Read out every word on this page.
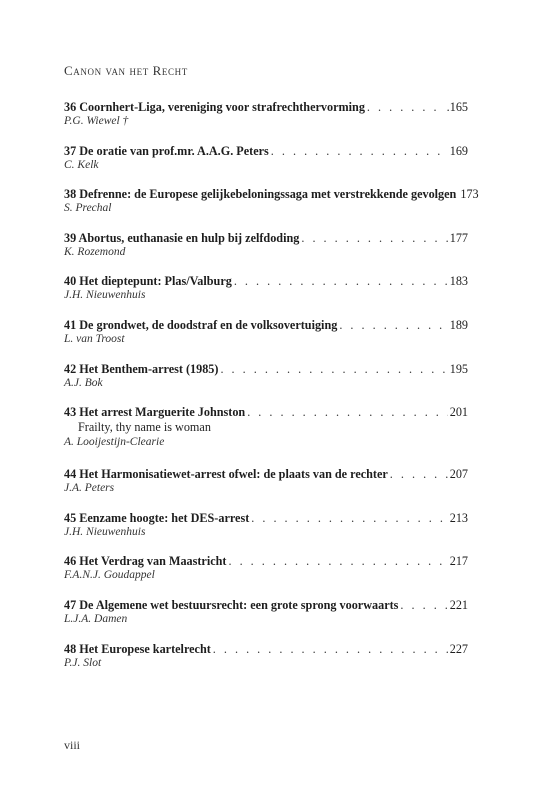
Canon van het Recht
36 Coornhert-Liga, vereniging voor strafrechthervorming . . .	.165
P.G. Wiewel †
37 De oratie van prof.mr. A.A.G. Peters . . .	169
C. Kelk
38 Defrenne: de Europese gelijkebeloningssaga met verstrekkende gevolgen 173
S. Prechal
39 Abortus, euthanasie en hulp bij zelfdoding . . .	177
K. Rozemond
40 Het dieptepunt: Plas/Valburg . . .	183
J.H. Nieuwenhuis
41 De grondwet, de doodstraf en de volksovertuiging . . .	189
L. van Troost
42 Het Benthem-arrest (1985) . . .	195
A.J. Bok
43 Het arrest Marguerite Johnston . . .	201
Frailty, thy name is woman
A. Looijestijn-Clearie
44 Het Harmonisatiewet-arrest ofwel: de plaats van de rechter . . .	207
J.A. Peters
45 Eenzame hoogte: het DES-arrest . . .	213
J.H. Nieuwenhuis
46 Het Verdrag van Maastricht . . .	217
F.A.N.J. Goudappel
47 De Algemene wet bestuursrecht: een grote sprong voorwaarts . . .	221
L.J.A. Damen
48 Het Europese kartelrecht . . .	227
P.J. Slot
viii
